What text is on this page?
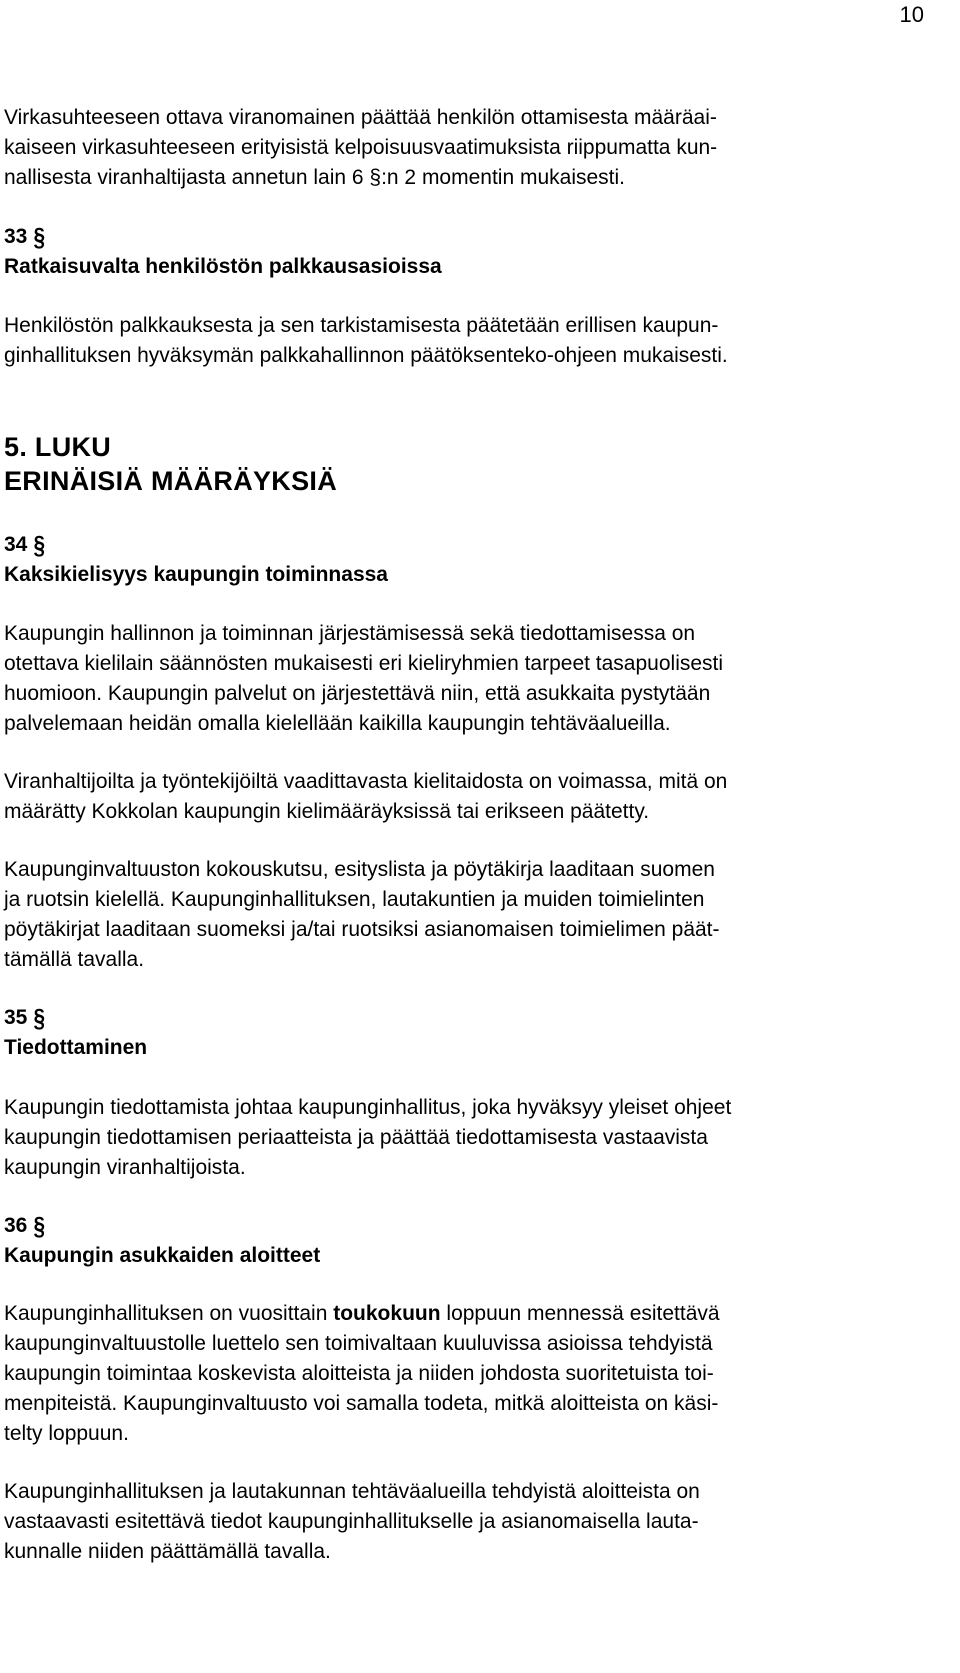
10

Virkasuhteeseen ottava viranomainen päättää henkilön ottamisesta määräai-
kaiseen virkasuhteeseen erityisistä kelpoisuusvaatimuksista riippumatta kun-
nallisesta viranhaltijasta annetun lain 6 §:n 2 momentin mukaisesti.

33 §
Ratkaisuvalta henkilöstön palkkausasioissa

Henkilöstön palkkauksesta ja sen tarkistamisesta päätetään erillisen kaupun-
ginhallituksen hyväksymän palkkahallinnon päätöksenteko-ohjeen mukaisesti.

5. LUKU
ERINÄISIÄ MÄÄRÄYKSIÄ
34 §
Kaksikielisyys kaupungin toiminnassa

Kaupungin hallinnon ja toiminnan järjestämisessä sekä tiedottamisessa on
otettava kielilain säännösten mukaisesti eri kieliryhmien tarpeet tasapuolisesti
huomioon. Kaupungin palvelut on järjestettävä niin, että asukkaita pystytään
palvelemaan heidän omalla kielellään kaikilla kaupungin tehtäväalueilla.

Viranhaltijoilta ja työntekijöiltä vaadittavasta kielitaidosta on voimassa, mitä on
määrätty Kokkolan kaupungin kielimääräyksissä tai erikseen päätetty.

Kaupunginvaltuuston kokouskutsu, esityslista ja pöytäkirja laaditaan suomen
ja ruotsin kielellä. Kaupunginhallituksen, lautakuntien ja muiden toimielinten
pöytäkirjat laaditaan suomeksi ja/tai ruotsiksi asianomaisen toimielimen päät-
tämällä tavalla.

35 §
Tiedottaminen

Kaupungin tiedottamista johtaa kaupunginhallitus, joka hyväksyy yleiset ohjeet
kaupungin tiedottamisen periaatteista ja päättää tiedottamisesta vastaavista
kaupungin viranhaltijoista.

36 §
Kaupungin asukkaiden aloitteet

Kaupunginhallituksen on vuosittain toukokuun loppuun mennessä esitettävä
kaupunginvaltuustolle luettelo sen toimivaltaan kuuluvissa asioissa tehdyistä
kaupungin toimintaa koskevista aloitteista ja niiden johdosta suoritetuista toi-
menpiteistä. Kaupunginvaltuusto voi samalla todeta, mitkä aloitteista on käsi-
telty loppuun.

Kaupunginhallituksen ja lautakunnan tehtäväalueilla tehdyistä aloitteista on
vastaavasti esitettävä tiedot kaupunginhallitukselle ja asianomaisella lauta-
kunnalle niiden päättämällä tavalla.
